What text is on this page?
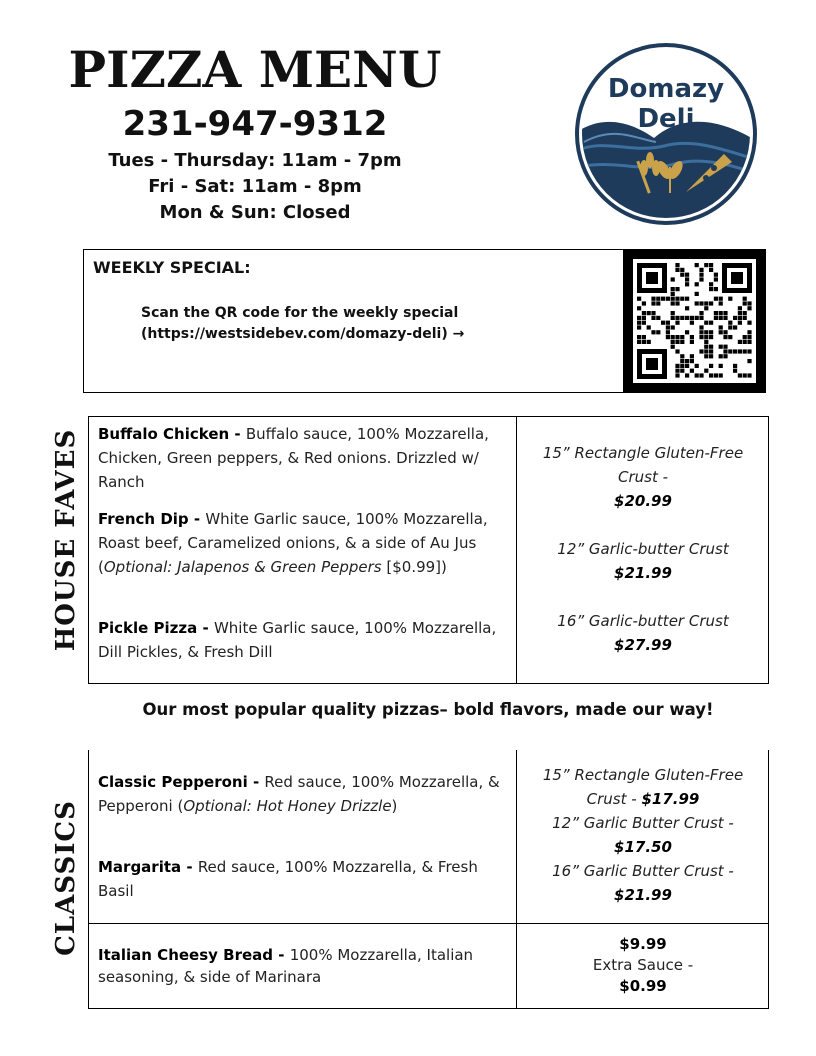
PIZZA MENU
231-947-9312
Tues - Thursday: 11am - 7pm
Fri - Sat: 11am - 8pm
Mon & Sun: Closed
Domazy
Deli
WEEKLY SPECIAL:
Scan the QR code for the weekly special
(https://westsidebev.com/domazy-deli) →
HOUSE FAVES Buffalo Chicken - Buffalo sauce, 100% Mozzarella, Chicken, Green peppers, & Red onions. Drizzled w/ Ranch
French Dip - White Garlic sauce, 100% Mozzarella, Roast beef, Caramelized onions, & a side of Au Jus (Optional: Jalapenos & Green Peppers [$0.99])
Pickle Pizza - White Garlic sauce, 100% Mozzarella, Dill Pickles, & Fresh Dill
15” Rectangle Gluten-Free Crust -
$20.99
12” Garlic-butter Crust
$21.99
16” Garlic-butter Crust
$27.99
Our most popular quality pizzas– bold flavors, made our way!
CLASSICS
Classic Pepperoni - Red sauce, 100% Mozzarella, & Pepperoni (Optional: Hot Honey Drizzle)
Margarita - Red sauce, 100% Mozzarella, & Fresh Basil
15” Rectangle Gluten-Free Crust - $17.99
12” Garlic Butter Crust -
$17.50
16” Garlic Butter Crust -
$21.99
Italian Cheesy Bread - 100% Mozzarella, Italian seasoning, & side of Marinara
$9.99
Extra Sauce -
$0.99
